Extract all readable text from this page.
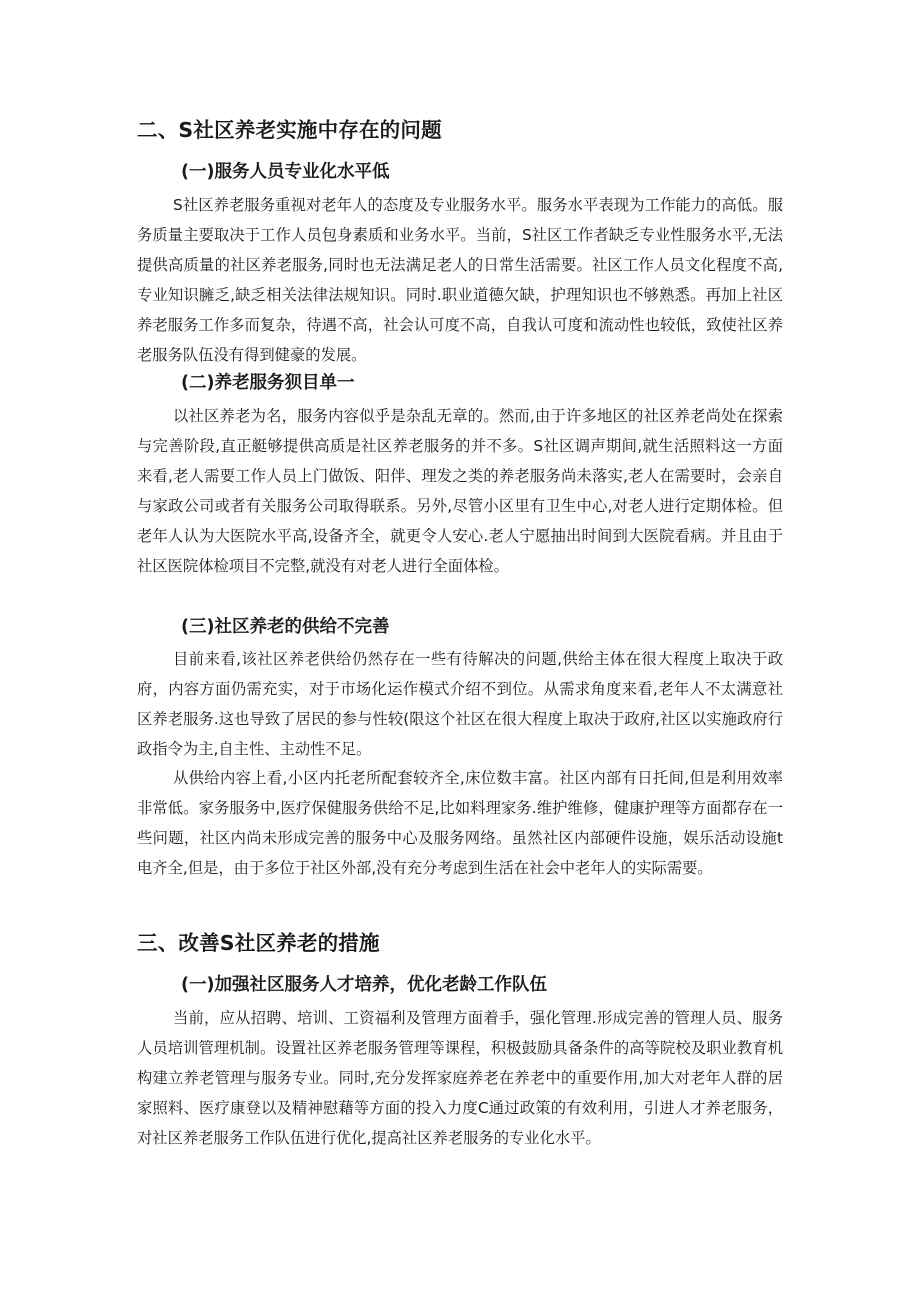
二、S社区养老实施中存在的问题
(一)服务人员专业化水平低

S社区养老服务重视对老年人的态度及专业服务水平。服务水平表现为工作能力的高低。服务质量主要取决于工作人员包身素质和业务水平。当前，S社区工作者缺乏专业性服务水平,无法提供高质量的社区养老服务,同时也无法满足老人的日常生活需要。社区工作人员文化程度不高,专业知识臃乏,缺乏相关法律法规知识。同时.职业道德欠缺，护理知识也不够熟悉。再加上社区养老服务工作多而复杂，待遇不高，社会认可度不高，自我认可度和流动性也较低，致使社区养老服务队伍没有得到健豪的发展。

(二)养老服务狈目单一

以社区养老为名，服务内容似乎是杂乱无章的。然而,由于许多地区的社区养老尚处在探索与完善阶段,直正艇够提供高质是社区养老服务的并不多。S社区调声期间,就生活照料这一方面来看,老人需要工作人员上门做饭、阳伴、理发之类的养老服务尚未落实,老人在需要时，会亲自与家政公司或者有关服务公司取得联系。另外,尽管小区里有卫生中心,对老人进行定期体检。但老年人认为大医院水平高,设备齐全，就更令人安心.老人宁愿抽出时间到大医院看病。并且由于社区医院体检项目不完整,就没有对老人进行全面体检。

(三)社区养老的供给不完善

目前来看,该社区养老供给仍然存在一些有待解决的问题,供给主体在很大程度上取决于政府，内容方面仍需充实，对于市场化运作模式介绍不到位。从需求角度来看,老年人不太满意社区养老服务.这也导致了居民的参与性较(限这个社区在很大程度上取决于政府,社区以实施政府行政指令为主,自主性、主动性不足。

从供给内容上看,小区内托老所配套较齐全,床位数丰富。社区内部有日托间,但是利用效率非常低。家务服务中,医疗保健服务供给不足,比如料理家务.维护维修，健康护理等方面都存在一些问题，社区内尚未形成完善的服务中心及服务网络。虽然社区内部硬件设施，娱乐活动设施t电齐全,但是，由于多位于社区外部,没有充分考虑到生活在社会中老年人的实际需要。

三、改善S社区养老的措施
(一)加强社区服务人才培养，优化老龄工作队伍

当前，应从招聘、培训、工资福利及管理方面着手，强化管理.形成完善的管理人员、服务人员培训管理机制。设置社区养老服务管理等课程，积极鼓励具备条件的高等院校及职业教育机构建立养老管理与服务专业。同时,充分发挥家庭养老在养老中的重要作用,加大对老年人群的居家照料、医疗康登以及精神慰藉等方面的投入力度C通过政策的有效利用，引进人才养老服务，对社区养老服务工作队伍进行优化,提高社区养老服务的专业化水平。
